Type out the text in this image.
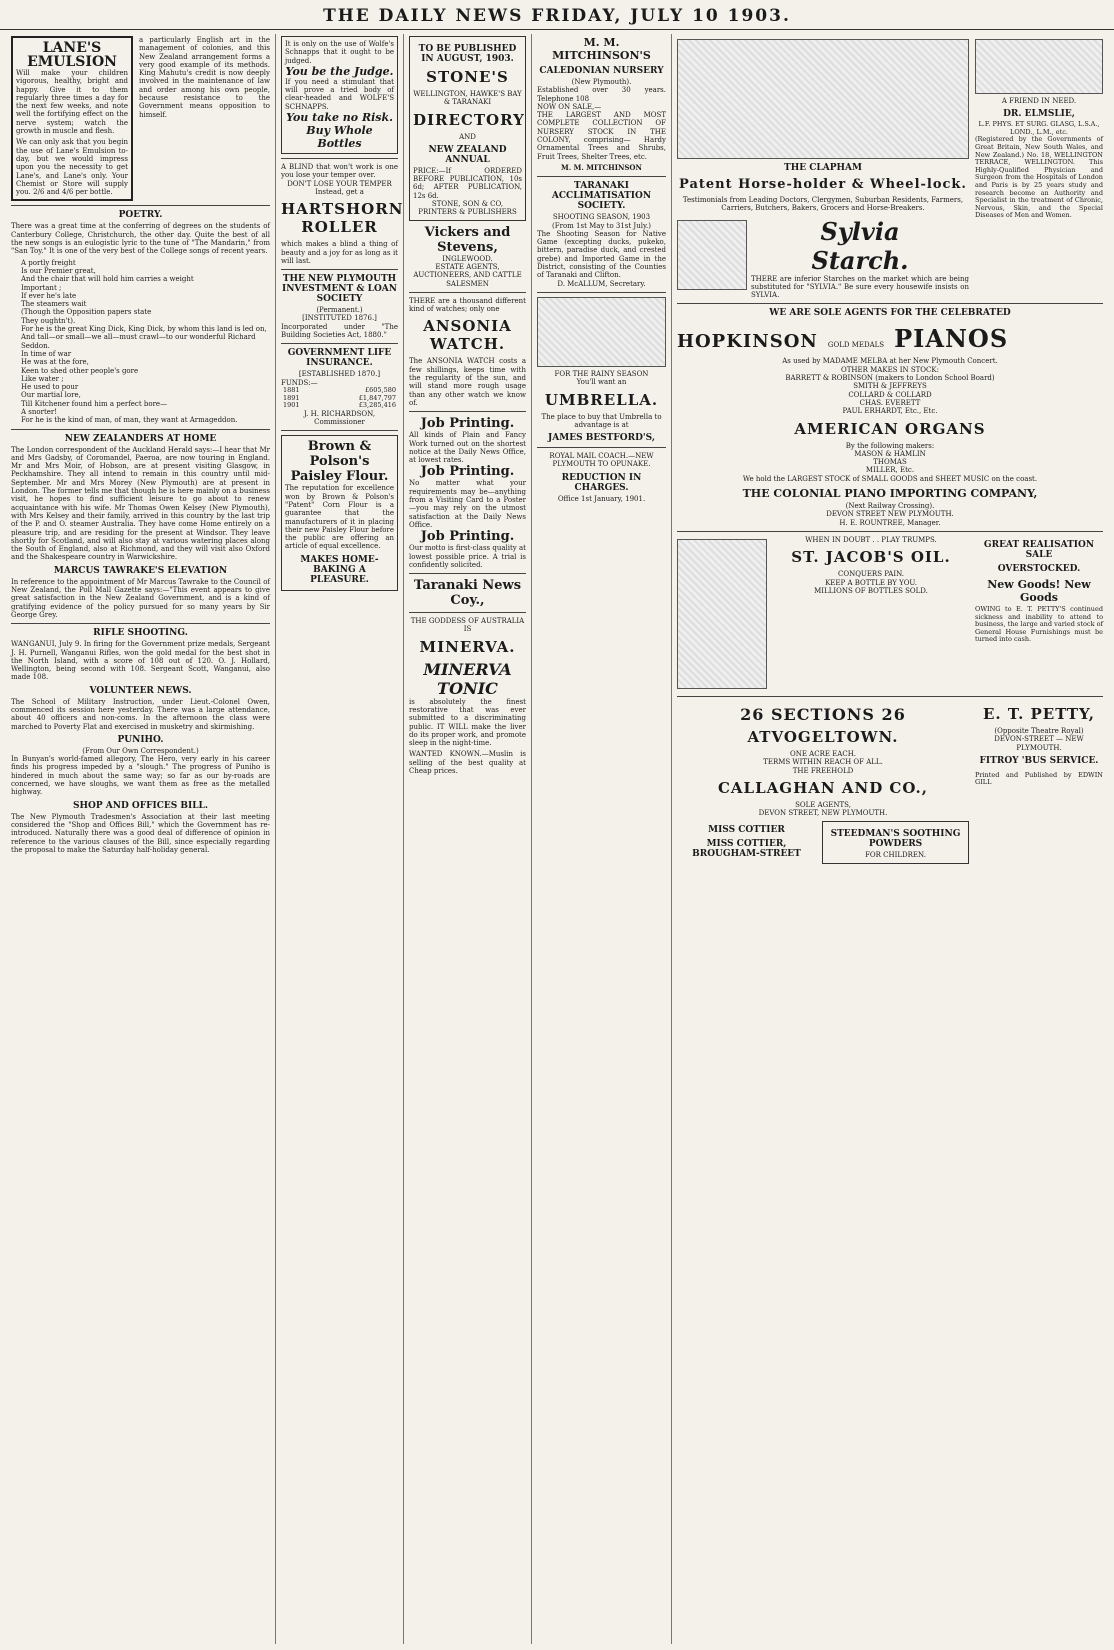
THE DAILY NEWS FRIDAY, JULY 10 1903.
LANE'S EMULSION

Will make your children vigorous, healthy, bright and happy. Give it to them regularly three times a day for the next few weeks, and note well the fortifying effect on the nerve system; watch the growth in muscle and flesh.

We can only ask that you begin the use of Lane's Emulsion to-day, but we would impress upon you the necessity to get Lane's, and Lane's only. Your Chemist or Store will supply you. 2/6 and 4/6 per bottle.

a particularly English art in the management of colonies, and this New Zealand arrangement forms a very good example of its methods. King Mahutu's credit is now deeply involved in the maintenance of law and order among his own people, because resistance to the Government means opposition to himself.

POETRY.

There was a great time at the conferring of degrees on the students of Canterbury College, Christchurch, the other day. Quite the best of all the new songs is an eulogistic lyric to the tune of "The Mandarin," from "San Toy." It is one of the very best of the College songs of recent years.

A portly freight

Is our Premier great,

And the chair that will hold him carries a weight

Important ;

If ever he's late

The steamers wait

(Though the Opposition papers state

They oughtn't).

For he is the great King Dick, King Dick, by whom this land is led on,

And tall—or small—we all—must crawl—to our wonderful Richard Seddon.

In time of war

He was at the fore,

Keen to shed other people's gore

Like water ;

He used to pour

Our martial lore,

Till Kitchener found him a perfect bore—

A snorter!

For he is the kind of man, of man, they want at Armageddon.

NEW ZEALANDERS AT HOME

The London correspondent of the Auckland Herald says:—I hear that Mr and Mrs Gadsby, of Coromandel, Paeroa, are now touring in England. Mr and Mrs Moir, of Hobson, are at present visiting Glasgow, in Peckhamshire. They all intend to remain in this country until mid-September. Mr and Mrs Morey (New Plymouth) are at present in London. The former tells me that though he is here mainly on a business visit, he hopes to find sufficient leisure to go about to renew acquaintance with his wife. Mr Thomas Owen Kelsey (New Plymouth), with Mrs Kelsey and their family, arrived in this country by the last trip of the P. and O. steamer Australia. They have come Home entirely on a pleasure trip, and are residing for the present at Windsor. They leave shortly for Scotland, and will also stay at various watering places along the South of England, also at Richmond, and they will visit also Oxford and the Shakespeare country in Warwickshire.

MARCUS TAWRAKE'S ELEVATION

In reference to the appointment of Mr Marcus Tawrake to the Council of New Zealand, the Poll Mall Gazette says:—"This event appears to give great satisfaction in the New Zealand Government, and is a kind of gratifying evidence of the policy pursued for so many years by Sir George Grey.

RIFLE SHOOTING.

WANGANUI, July 9. In firing for the Government prize medals, Sergeant J. H. Purnell, Wanganui Rifles, won the gold medal for the best shot in the North Island, with a score of 108 out of 120. O. J. Hollard, Wellington, being second with 108. Sergeant Scott, Wanganui, also made 108.

VOLUNTEER NEWS.

The School of Military Instruction, under Lieut.-Colonel Owen, commenced its session here yesterday. There was a large attendance, about 40 officers and non-coms. In the afternoon the class were marched to Poverty Flat and exercised in musketry and skirmishing.

PUNIHO.

(From Our Own Correspondent.)

In Bunyan's world-famed allegory, The Hero, very early in his career finds his progress impeded by a "slough." The progress of Puniho is hindered in much about the same way; so far as our by-roads are concerned, we have sloughs, we want them as free as the metalled highway.

SHOP AND OFFICES BILL.

The New Plymouth Tradesmen's Association at their last meeting considered the "Shop and Offices Bill," which the Government has re-introduced. Naturally there was a good deal of difference of opinion in reference to the various clauses of the Bill, since especially regarding the proposal to make the Saturday half-holiday general.

It is only on the use of Wolfe's Schnapps that it ought to be judged.

You be the Judge.

If you need a stimulant that will prove a tried body of clear-headed and WOLFE'S SCHNAPPS.

You take no Risk.
Buy Whole Bottles

A BLIND that won't work is one you lose your temper over.

DON'T LOSE YOUR TEMPER

Instead, get a

HARTSHORN ROLLER

which makes a blind a thing of beauty and a joy for as long as it will last.

THE NEW PLYMOUTH INVESTMENT & LOAN SOCIETY

(Permanent.)

[INSTITUTED 1876.]

Incorporated under "The Building Societies Act, 1880."

GOVERNMENT LIFE INSURANCE.

[ESTABLISHED 1870.]

FUNDS:—

1881	£605,580
1891	£1,847,797
1901	£3,285,416

J. H. RICHARDSON, Commissioner

Brown & Polson's Paisley Flour.

The reputation for excellence won by Brown & Polson's "Patent" Corn Flour is a guarantee that the manufacturers of it in placing their new Paisley Flour before the public are offering an article of equal excellence.

MAKES HOME-BAKING A PLEASURE.
TO BE PUBLISHED IN AUGUST, 1903.
STONE'S

WELLINGTON, HAWKE'S BAY & TARANAKI

DIRECTORY

AND

NEW ZEALAND ANNUAL

PRICE:—If ORDERED BEFORE PUBLICATION, 10s 6d; AFTER PUBLICATION, 12s 6d.

STONE, SON & CO, PRINTERS & PUBLISHERS

Vickers and Stevens,

INGLEWOOD.

ESTATE AGENTS, AUCTIONEERS, AND CATTLE SALESMEN

THERE are a thousand different kind of watches; only one

ANSONIA WATCH.

The ANSONIA WATCH costs a few shillings, keeps time with the regularity of the sun, and will stand more rough usage than any other watch we know of.

Job Printing.

All kinds of Plain and Fancy Work turned out on the shortest notice at the Daily News Office, at lowest rates.

Job Printing.

No matter what your requirements may be—anything from a Visiting Card to a Poster—you may rely on the utmost satisfaction at the Daily News Office.

Job Printing.

Our motto is first-class quality at lowest possible price. A trial is confidently solicited.

Taranaki News Coy.,

THE GODDESS OF AUSTRALIA IS

MINERVA.
MINERVA TONIC

is absolutely the finest restorative that was ever submitted to a discriminating public. IT WILL make the liver do its proper work, and promote sleep in the night-time.

WANTED KNOWN.—Muslin is selling of the best quality at Cheap prices.

M. M. MITCHINSON'S
CALEDONIAN NURSERY

(New Plymouth).

Established over 30 years. Telephone 108

NOW ON SALE,—

THE LARGEST AND MOST COMPLETE COLLECTION OF NURSERY STOCK IN THE COLONY, comprising— Hardy Ornamental Trees and Shrubs, Fruit Trees, Shelter Trees, etc.

M. M. MITCHINSON

TARANAKI ACCLIMATISATION SOCIETY.

SHOOTING SEASON, 1903

(From 1st May to 31st July.)

The Shooting Season for Native Game (excepting ducks, pukeko, bittern, paradise duck, and crested grebe) and Imported Game in the District, consisting of the Counties of Taranaki and Clifton.

D. McALLUM, Secretary.

FOR THE RAINY SEASON

You'll want an

UMBRELLA.

The place to buy that Umbrella to advantage is at

JAMES BESTFORD'S,

ROYAL MAIL COACH.—NEW PLYMOUTH TO OPUNAKE.

REDUCTION IN CHARGES.

Office 1st January, 1901.

THE CLAPHAM
Patent Horse-holder & Wheel-lock.

Testimonials from Leading Doctors, Clergymen, Suburban Residents, Farmers, Carriers, Butchers, Bakers, Grocers and Horse-Breakers.

Sylvia
Starch.

THERE are inferior Starches on the market which are being substituted for "SYLVIA." Be sure every housewife insists on SYLVIA.

A FRIEND IN NEED.

DR. ELMSLIE,

L.F. PHYS. ET SURG. GLASG, L.S.A., LOND., L.M., etc.

(Registered by the Governments of Great Britain, New South Wales, and New Zealand.) No. 18, WELLINGTON TERRACE, WELLINGTON. This Highly-Qualified Physician and Surgeon from the Hospitals of London and Paris is by 25 years study and research become an Authority and Specialist in the treatment of Chronic, Nervous, Skin, and the Special Diseases of Men and Women.

WE ARE SOLE AGENTS FOR THE CELEBRATED
HOPKINSON GOLD MEDALS PIANOS

As used by MADAME MELBA at her New Plymouth Concert.

OTHER MAKES IN STOCK:

BARRETT & ROBINSON (makers to London School Board)

SMITH & JEFFREYS

COLLARD & COLLARD

CHAS. EVERETT

PAUL ERHARDT, Etc., Etc.

AMERICAN ORGANS

By the following makers:

MASON & HAMLIN

THOMAS

MILLER, Etc.

We hold the LARGEST STOCK of SMALL GOODS and SHEET MUSIC on the coast.

THE COLONIAL PIANO IMPORTING COMPANY,

(Next Railway Crossing).

DEVON STREET NEW PLYMOUTH.

H. E. ROUNTREE, Manager.

WHEN IN DOUBT . . PLAY TRUMPS.

ST. JACOB'S OIL.

CONQUERS PAIN.

KEEP A BOTTLE BY YOU.

MILLIONS OF BOTTLES SOLD.

GREAT REALISATION SALE
OVERSTOCKED.
New Goods! New Goods

OWING to E. T. PETTY'S continued sickness and inability to attend to business, the large and varied stock of General House Furnishings must be turned into cash.

26 SECTIONS 26
ATVOGELTOWN.

ONE ACRE EACH.

TERMS WITHIN REACH OF ALL.

THE FREEHOLD

CALLAGHAN AND CO.,

SOLE AGENTS,

DEVON STREET, NEW PLYMOUTH.

MISS COTTIER
MISS COTTIER, BROUGHAM-STREET
STEEDMAN'S SOOTHING POWDERS

FOR CHILDREN.

E. T. PETTY,

(Opposite Theatre Royal)

DEVON-STREET — NEW PLYMOUTH.

FITROY 'BUS SERVICE.

Printed and Published by EDWIN GILL
